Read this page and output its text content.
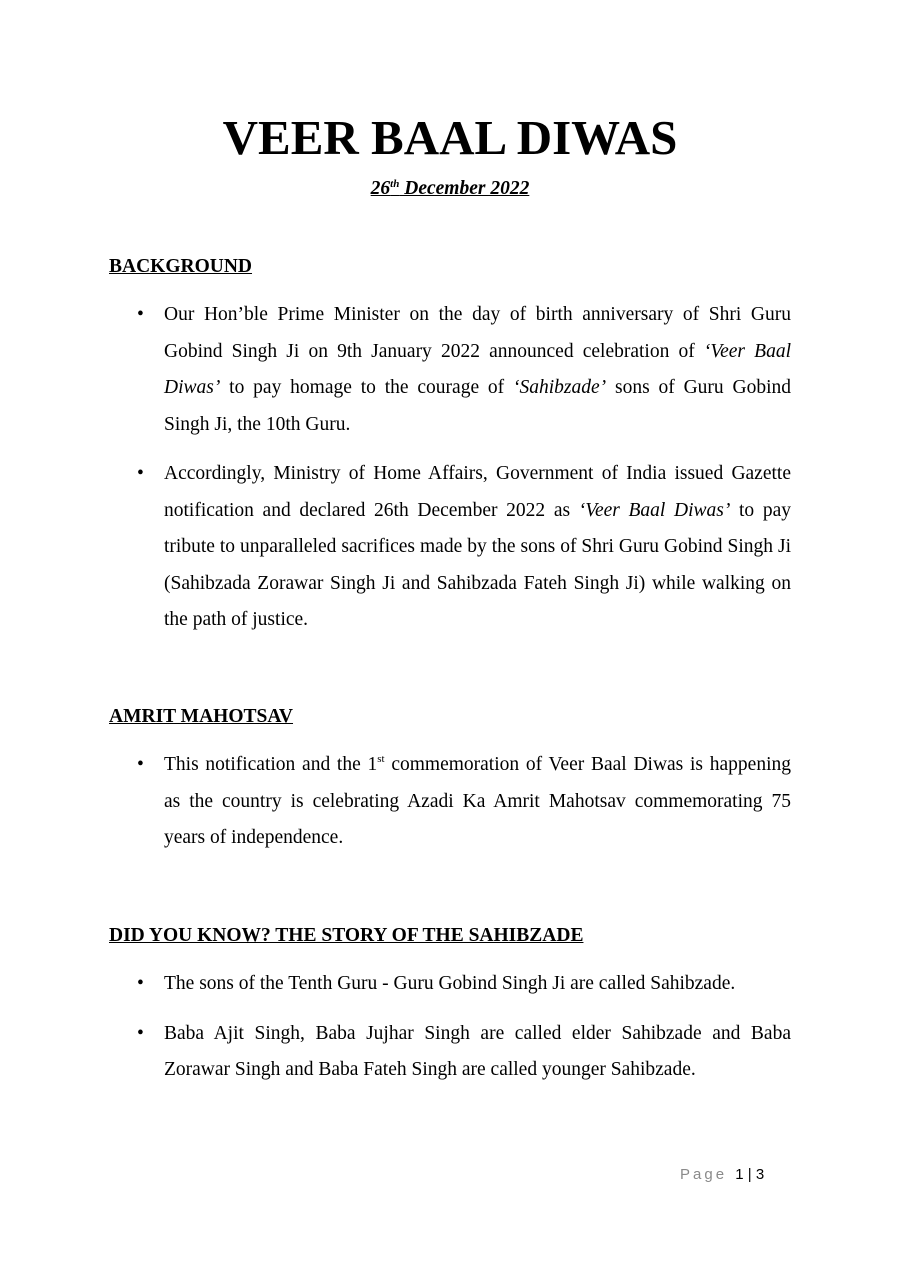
VEER BAAL DIWAS
26th December 2022
BACKGROUND
• Our Hon’ble Prime Minister on the day of birth anniversary of Shri Guru Gobind Singh Ji on 9th January 2022 announced celebration of ‘Veer Baal Diwas’ to pay homage to the courage of ‘Sahibzade’ sons of Guru Gobind Singh Ji, the 10th Guru.
• Accordingly, Ministry of Home Affairs, Government of India issued Gazette notification and declared 26th December 2022 as ‘Veer Baal Diwas’ to pay tribute to unparalleled sacrifices made by the sons of Shri Guru Gobind Singh Ji (Sahibzada Zorawar Singh Ji and Sahibzada Fateh Singh Ji) while walking on the path of justice.
AMRIT MAHOTSAV
• This notification and the 1st commemoration of Veer Baal Diwas is happening as the country is celebrating Azadi Ka Amrit Mahotsav commemorating 75 years of independence.
DID YOU KNOW? THE STORY OF THE SAHIBZADE
• The sons of the Tenth Guru - Guru Gobind Singh Ji are called Sahibzade.
• Baba Ajit Singh, Baba Jujhar Singh are called elder Sahibzade and Baba Zorawar Singh and Baba Fateh Singh are called younger Sahibzade.
Page 1 | 3
